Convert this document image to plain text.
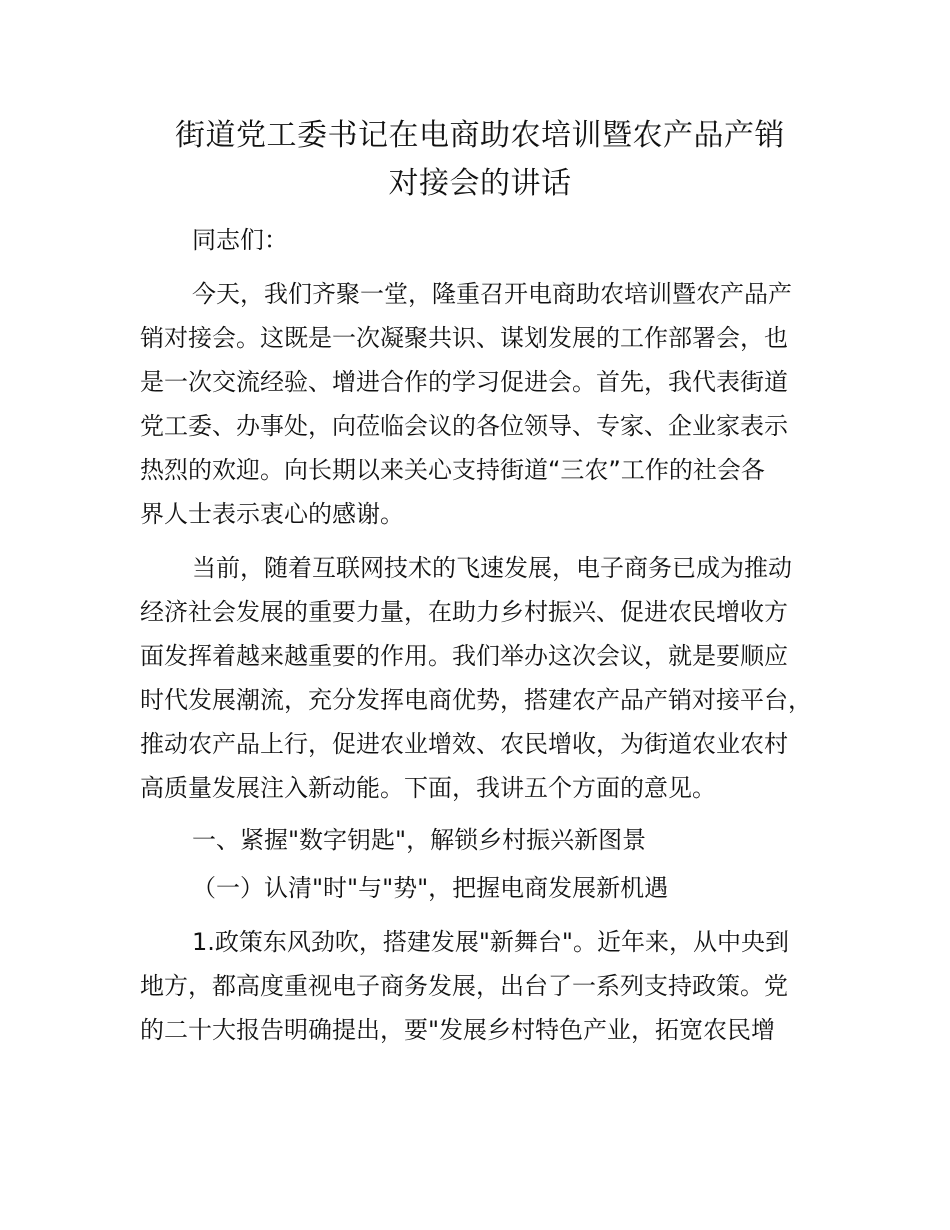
街道党工委书记在电商助农培训暨农产品产销
对接会的讲话

同志们：

今天，我们齐聚一堂，隆重召开电商助农培训暨农产品产
销对接会。这既是一次凝聚共识、谋划发展的工作部署会，也
是一次交流经验、增进合作的学习促进会。首先，我代表街道
党工委、办事处，向莅临会议的各位领导、专家、企业家表示
热烈的欢迎。向长期以来关心支持街道“三农”工作的社会各
界人士表示衷心的感谢。

当前，随着互联网技术的飞速发展，电子商务已成为推动
经济社会发展的重要力量，在助力乡村振兴、促进农民增收方
面发挥着越来越重要的作用。我们举办这次会议，就是要顺应
时代发展潮流，充分发挥电商优势，搭建农产品产销对接平台，
推动农产品上行，促进农业增效、农民增收，为街道农业农村
高质量发展注入新动能。下面，我讲五个方面的意见。

一、紧握"数字钥匙"，解锁乡村振兴新图景

（一）认清"时"与"势"，把握电商发展新机遇

1.政策东风劲吹，搭建发展"新舞台"。近年来，从中央到
地方，都高度重视电子商务发展，出台了一系列支持政策。党
的二十大报告明确提出，要"发展乡村特色产业，拓宽农民增
